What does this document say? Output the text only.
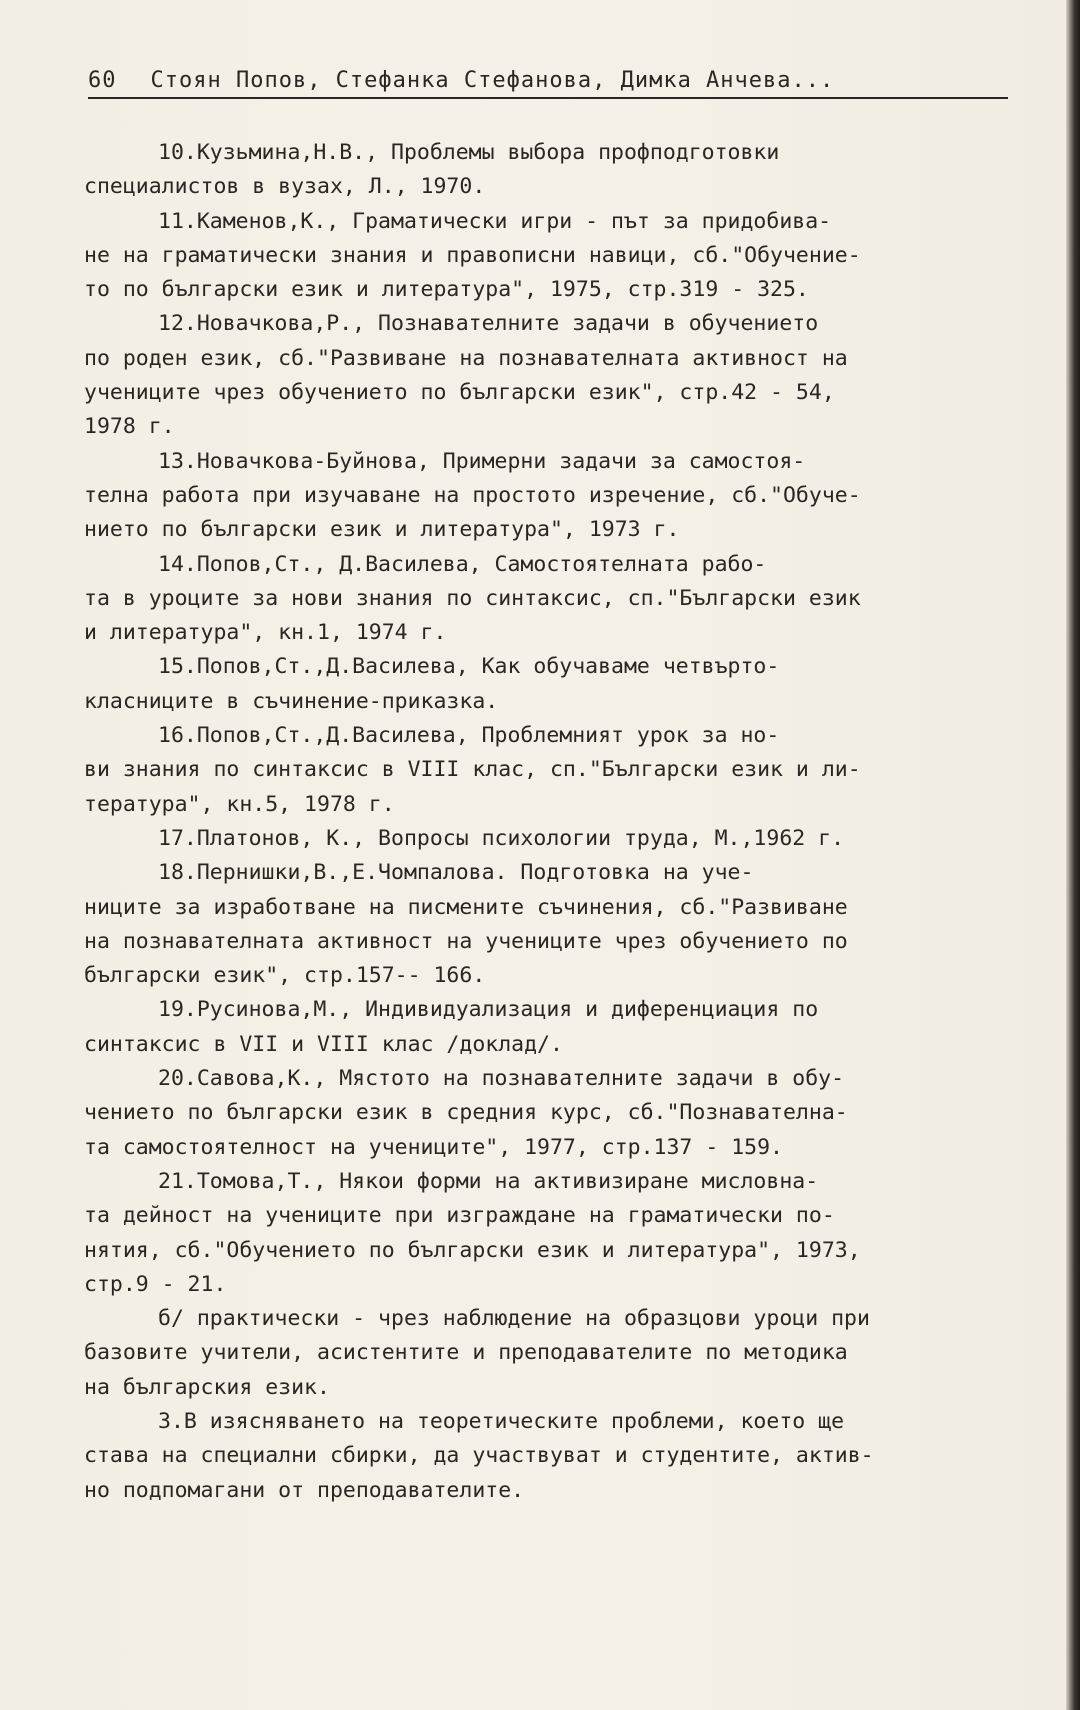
60 Стоян Попов, Стефанка Стефанова, Димка Анчева...

10.Кузьмина,Н.В., Проблемы выбора профподготовки
специалистов в вузах, Л., 1970.

11.Каменов,К., Граматически игри - път за придобива-
не на граматически знания и правописни навици, сб."Обучение-
то по български език и литература", 1975, стр.319 - 325.

12.Новачкова,Р., Познавателните задачи в обучението
по роден език, сб."Развиване на познавателната активност на
учениците чрез обучението по български език", стр.42 - 54,
1978 г.

13.Новачкова-Буйнова, Примерни задачи за самостоя-
телна работа при изучаване на простото изречение, сб."Обуче-
нието по български език и литература", 1973 г.

14.Попов,Ст., Д.Василева, Самостоятелната рабо-
та в уроците за нови знания по синтаксис, сп."Български език
и литература", кн.1, 1974 г.

15.Попов,Ст.,Д.Василева, Как обучаваме четвърто-
класниците в съчинение-приказка.

16.Попов,Ст.,Д.Василева, Проблемният урок за но-
ви знания по синтаксис в VIII клас, сп."Български език и ли-
тература", кн.5, 1978 г.

17.Платонов, К., Вопросы психологии труда, М.,1962 г.

18.Пернишки,В.,Е.Чомпалова. Подготовка на уче-
ниците за изработване на писмените съчинения, сб."Развиване
на познавателната активност на учениците чрез обучението по
български език", стр.157-- 166.

19.Русинова,М., Индивидуализация и диференциация по
синтаксис в VII и VIII клас /доклад/.

20.Савова,К., Мястото на познавателните задачи в обу-
чението по български език в средния курс, сб."Познавателна-
та самостоятелност на учениците", 1977, стр.137 - 159.

21.Томова,Т., Някои форми на активизиране мисловна-
та дейност на учениците при изграждане на граматически по-
нятия, сб."Обучението по български език и литература", 1973,
стр.9 - 21.

б/ практически - чрез наблюдение на образцови уроци при
базовите учители, асистентите и преподавателите по методика
на българския език.

3.В изясняването на теоретическите проблеми, което ще
става на специални сбирки, да участвуват и студентите, актив-
но подпомагани от преподавателите.
